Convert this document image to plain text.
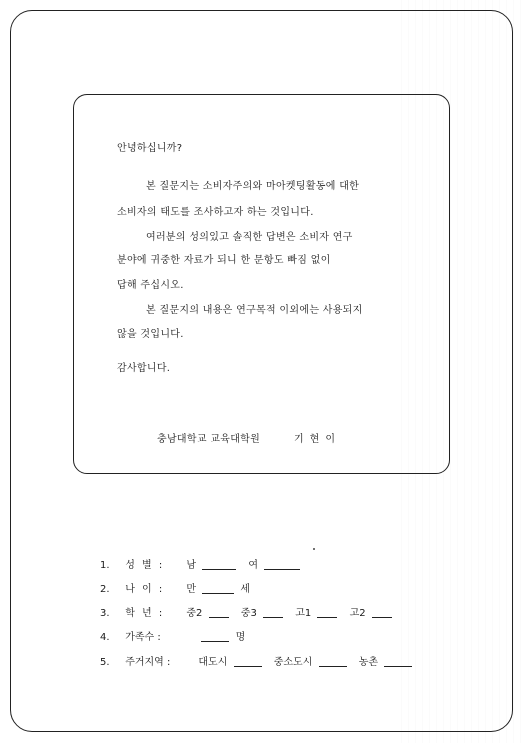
안녕하십니까?
본 질문지는 소비자주의와 마아켓팅활동에 대한
소비자의 태도를 조사하고자 하는 것입니다.
여러분의 성의있고 솔직한 답변은 소비자 연구
분야에 귀중한 자료가 되니 한 문항도 빠짐 없이
답해 주십시오.
본 질문지의 내용은 연구목적 이외에는 사용되지
않을 것입니다.
감사합니다.
충남대학교 교육대학원	기현이
1. 성 별 : 남	여
2. 나 이 : 만	세
3. 학 년 : 중2	중3	고1	고2
4. 가족수 :	명
5. 주거지역 :	대도시	중소도시	농촌
